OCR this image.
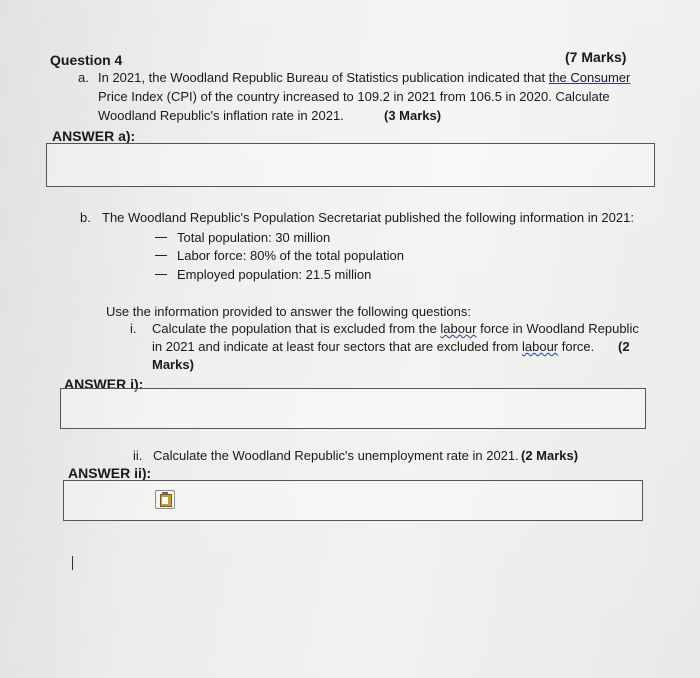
Question 4	(7 Marks)
a. In 2021, the Woodland Republic Bureau of Statistics publication indicated that the Consumer
Price Index (CPI) of the country increased to 109.2 in 2021 from 106.5 in 2020. Calculate
Woodland Republic's inflation rate in 2021.	(3 Marks)
ANSWER a):
b. The Woodland Republic's Population Secretariat published the following information in 2021:
Total population: 30 million
Labor force: 80% of the total population
Employed population: 21.5 million
Use the information provided to answer the following questions:
i. Calculate the population that is excluded from the labour force in Woodland Republic
in 2021 and indicate at least four sectors that are excluded from labour force. (2
Marks)
ANSWER i):
ii. Calculate the Woodland Republic's unemployment rate in 2021. (2 Marks)
ANSWER ii):
